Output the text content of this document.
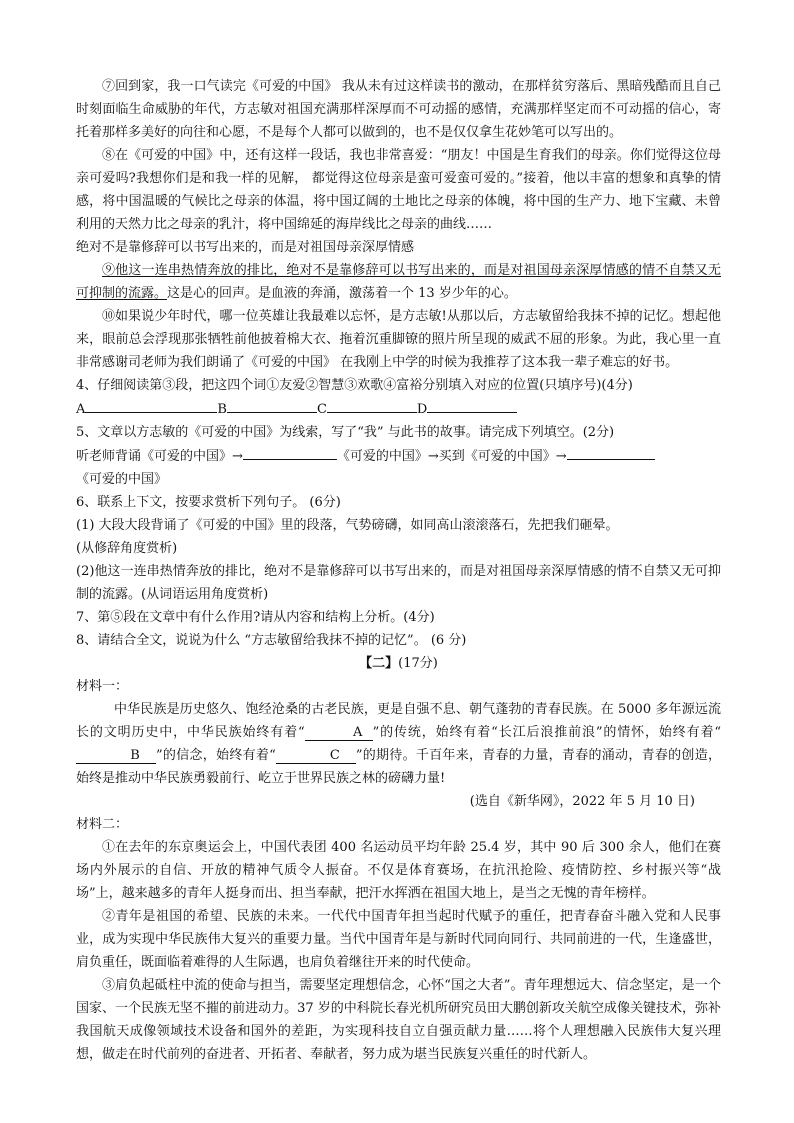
⑦回到家，我一口气读完《可爱的中国》 我从未有过这样读书的激动，在那样贫穷落后、黑暗残酷而且自己时刻面临生命威胁的年代，方志敏对祖国充满那样深厚而不可动摇的感情，充满那样坚定而不可动摇的信心，寄托着那样多美好的向往和心愿，不是每个人都可以做到的，也不是仅仅拿生花妙笔可以写出的。

⑧在《可爱的中国》中，还有这样一段话，我也非常喜爱：“朋友！中国是生育我们的母亲。你们觉得这位母亲可爱吗?我想你们是和我一样的见解， 都觉得这位母亲是蛮可爱蛮可爱的。”接着，他以丰富的想象和真挚的情感，将中国温暖的气候比之母亲的体温，将中国辽阔的土地比之母亲的体魄，将中国的生产力、地下宝藏、未曾利用的天然力比之母亲的乳汁，将中国绵延的海岸线比之母亲的曲线……

绝对不是靠修辞可以书写出来的，而是对祖国母亲深厚情感

⑨他这一连串热情奔放的排比，绝对不是靠修辞可以书写出来的，而是对祖国母亲深厚情感的情不自禁又无可抑制的流露。这是心的回声。是血液的奔涌，激荡着一个 13 岁少年的心。

⑩如果说少年时代，哪一位英雄让我最难以忘怀，是方志敏!从那以后，方志敏留给我抹不掉的记忆。想起他来，眼前总会浮现那张牺牲前他披着棉大衣、拖着沉重脚镣的照片所呈现的威武不屈的形象。为此，我心里一直非常感谢司老师为我们朗诵了《可爱的中国》 在我刚上中学的时候为我推荐了这本我一辈子难忘的好书。

4、仔细阅读第③段，把这四个词①友爱②智慧③欢歌④富裕分别填入对应的位置(只填序号)(4分)

A	B	C	D

5、文章以方志敏的《可爱的中国》为线索，写了“我” 与此书的故事。请完成下列填空。(2分)

听老师背诵《可爱的中国》→	《可爱的中国》→买到《可爱的中国》→
《可爱的中国》

6、联系上下文，按要求赏析下列句子。 (6分)

(1) 大段大段背诵了《可爱的中国》里的段落，气势磅礴，如同高山滚滚落石，先把我们砸晕。

(从修辞角度赏析)

(2)他这一连串热情奔放的排比，绝对不是靠修辞可以书写出来的，而是对祖国母亲深厚情感的情不自禁又无可抑制的流露。(从词语运用角度赏析)

7、第⑤段在文章中有什么作用?请从内容和结构上分析。(4分)

8、请结合全文，说说为什么 “方志敏留给我抹不掉的记忆”。 (6 分)

【二】(17分)

材料一：

中华民族是历史悠久、饱经沧桑的古老民族，更是自强不息、朝气蓬勃的青春民族。在 5000 多年源远流长的文明历史中，中华民族始终有着“	A ”的传统，始终有着“长江后浪推前浪”的情怀，始终有着“B ”的信念，始终有着“	C ”的期待。千百年来，青春的力量，青春的涌动，青春的创造，始终是推动中华民族勇毅前行、屹立于世界民族之林的磅礴力量!

(选自《新华网》，2022 年 5 月 10 日)

材料二：

①在去年的东京奥运会上，中国代表团 400 名运动员平均年龄 25.4 岁，其中 90 后 300 余人，他们在赛场内外展示的自信、开放的精神气质令人振奋。不仅是体育赛场，在抗汛抢险、疫情防控、乡村振兴等“战场”上，越来越多的青年人挺身而出、担当奉献，把汗水挥洒在祖国大地上，是当之无愧的青年榜样。

②青年是祖国的希望、民族的未来。一代代中国青年担当起时代赋予的重任，把青春奋斗融入党和人民事业，成为实现中华民族伟大复兴的重要力量。当代中国青年是与新时代同向同行、共同前进的一代，生逢盛世，肩负重任，既面临着难得的人生际遇，也肩负着继往开来的时代使命。

③肩负起砥柱中流的使命与担当，需要坚定理想信念，心怀“国之大者”。青年理想远大、信念坚定，是一个国家、一个民族无坚不摧的前进动力。37 岁的中科院长春光机所研究员田大鹏创新攻关航空成像关键技术，弥补我国航天成像领域技术设备和国外的差距，为实现科技自立自强贡献力量……将个人理想融入民族伟大复兴理想，做走在时代前列的奋进者、开拓者、奉献者，努力成为堪当民族复兴重任的时代新人。
